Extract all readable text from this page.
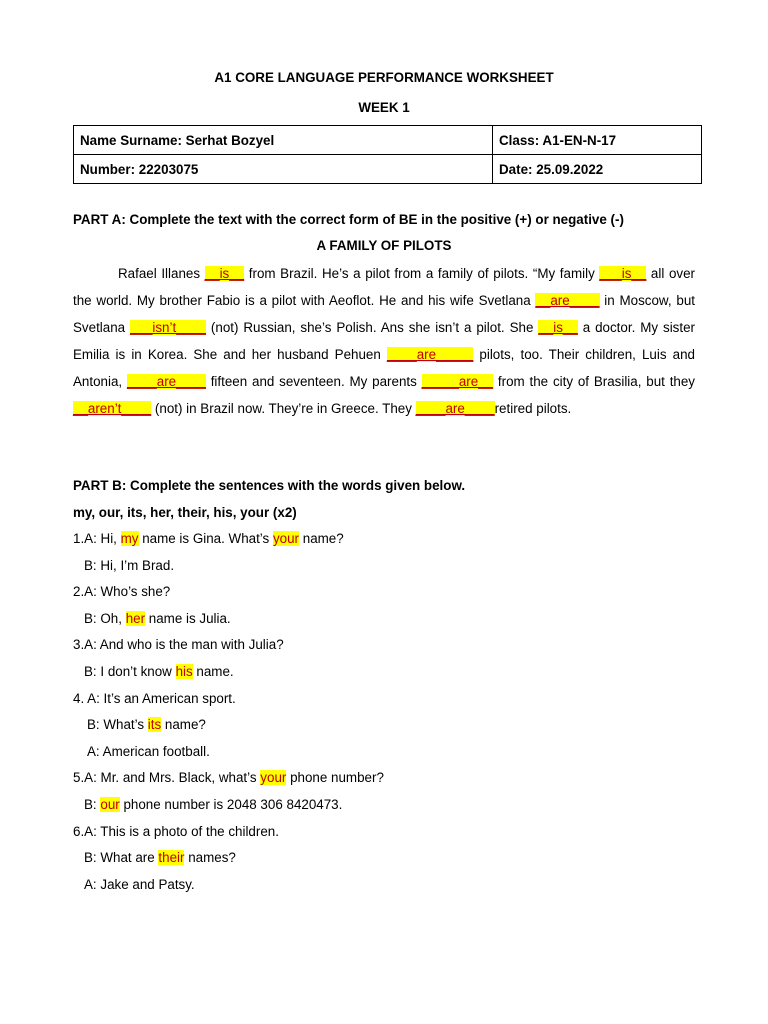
A1 CORE LANGUAGE PERFORMANCE WORKSHEET
WEEK 1
Name Surname: Serhat Bozyel	Class: A1-EN-N-17
Number: 22203075	Date: 25.09.2022
PART A: Complete the text with the correct form of BE in the positive (+) or negative (-)
A FAMILY OF PILOTS
Rafael Illanes __is__ from Brazil. He’s a pilot from a family of pilots. “My family ___is__ all over the world. My brother Fabio is a pilot with Aeoflot. He and his wife Svetlana __are____ in Moscow, but Svetlana ___isn’t____ (not) Russian, she’s Polish. Ans she isn’t a pilot. She __is__ a doctor. My sister Emilia is in Korea. She and her husband Pehuen ____are_____ pilots, too. Their children, Luis and Antonia, ____are____ fifteen and seventeen. My parents _____are__ from the city of Brasilia, but they __aren’t____ (not) in Brazil now. They’re in Greece. They ____are____retired pilots.
PART B: Complete the sentences with the words given below.
my, our, its, her, their, his, your (x2)
1.A: Hi, my name is Gina. What’s your name?
B: Hi, I’m Brad.
2.A: Who’s she?
B: Oh, her name is Julia.
3.A: And who is the man with Julia?
B: I don’t know his name.
4. A: It’s an American sport.
B: What’s its name?
A: American football.
5.A: Mr. and Mrs. Black, what’s your phone number?
B: our phone number is 2048 306 8420473.
6.A: This is a photo of the children.
B: What are their names?
A: Jake and Patsy.
